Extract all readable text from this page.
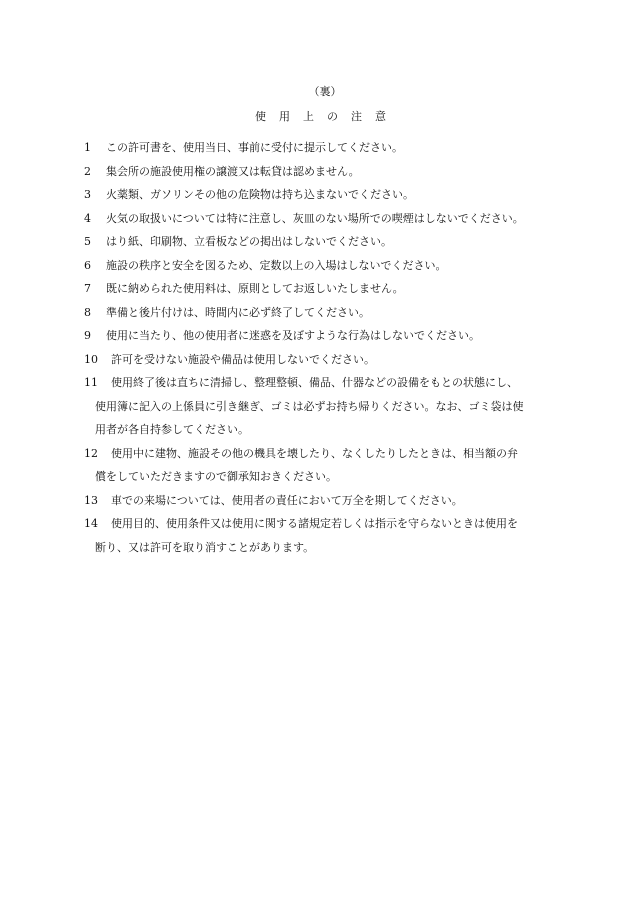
（裏）
使用上の注意
1	この許可書を、使用当日、事前に受付に提示してください。
2	集会所の施設使用権の譲渡又は転貸は認めません。
3	火薬類、ガソリンその他の危険物は持ち込まないでください。
4	火気の取扱いについては特に注意し、灰皿のない場所での喫煙はしないでください。
5	はり紙、印刷物、立看板などの掲出はしないでください。
6	施設の秩序と安全を図るため、定数以上の入場はしないでください。
7	既に納められた使用料は、原則としてお返しいたしません。
8	準備と後片付けは、時間内に必ず終了してください。
9	使用に当たり、他の使用者に迷惑を及ぼすような行為はしないでください。
10	許可を受けない施設や備品は使用しないでください。
11	使用終了後は直ちに清掃し、整理整頓、備品、什器などの設備をもとの状態にし、
使用簿に記入の上係員に引き継ぎ、ゴミは必ずお持ち帰りください。なお、ゴミ袋は使
用者が各自持参してください。
12	使用中に建物、施設その他の機具を壊したり、なくしたりしたときは、相当額の弁
償をしていただきますので御承知おきください。
13	車での来場については、使用者の責任において万全を期してください。
14	使用目的、使用条件又は使用に関する諸規定若しくは指示を守らないときは使用を
断り、又は許可を取り消すことがあります。
